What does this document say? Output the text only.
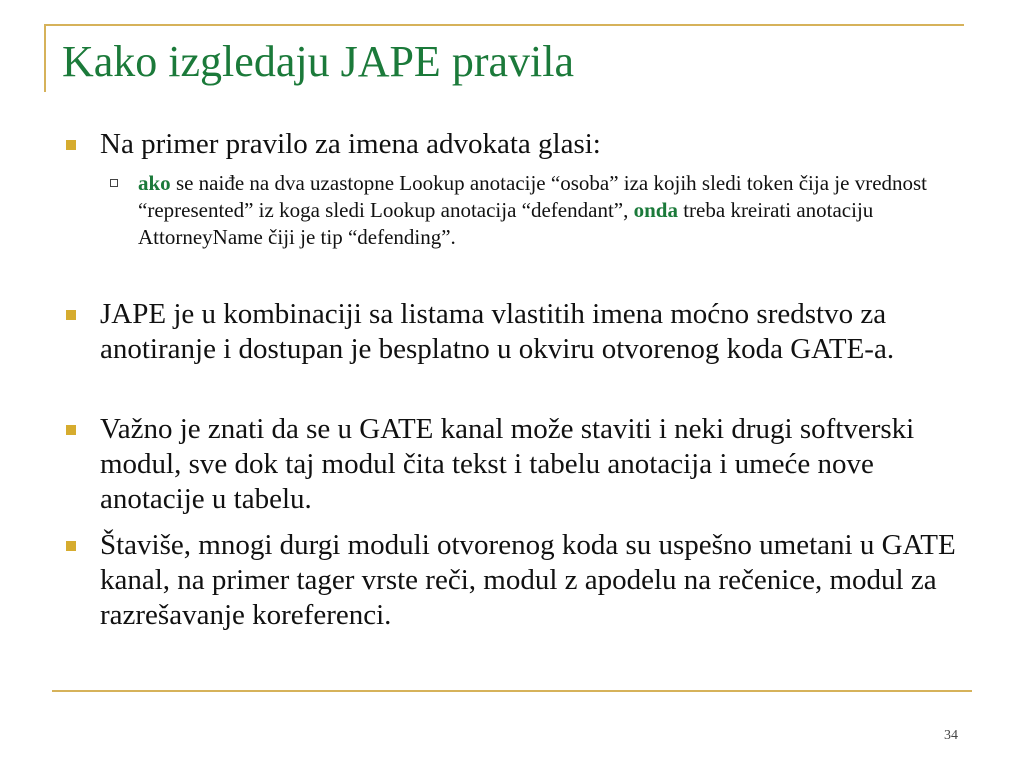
Kako izgledaju JAPE pravila
Na primer pravilo za imena advokata glasi:
ako se naiđe na dva uzastopne Lookup anotacije “osoba” iza kojih sledi token čija je vrednost “represented” iz koga sledi Lookup anotacija “defendant”, onda treba kreirati anotaciju AttorneyName čiji je tip “defending”.
JAPE je u kombinaciji sa listama vlastitih imena moćno sredstvo za anotiranje i dostupan je besplatno u okviru otvorenog koda GATE-a.
Važno je znati da se u GATE kanal može staviti i neki drugi softverski modul, sve dok taj modul čita tekst i tabelu anotacija i umeće nove anotacije u tabelu.
Štaviše, mnogi durgi moduli otvorenog koda su uspešno umetani u GATE kanal, na primer tager vrste reči, modul z apodelu na rečenice, modul za razrešavanje koreferenci.
34
